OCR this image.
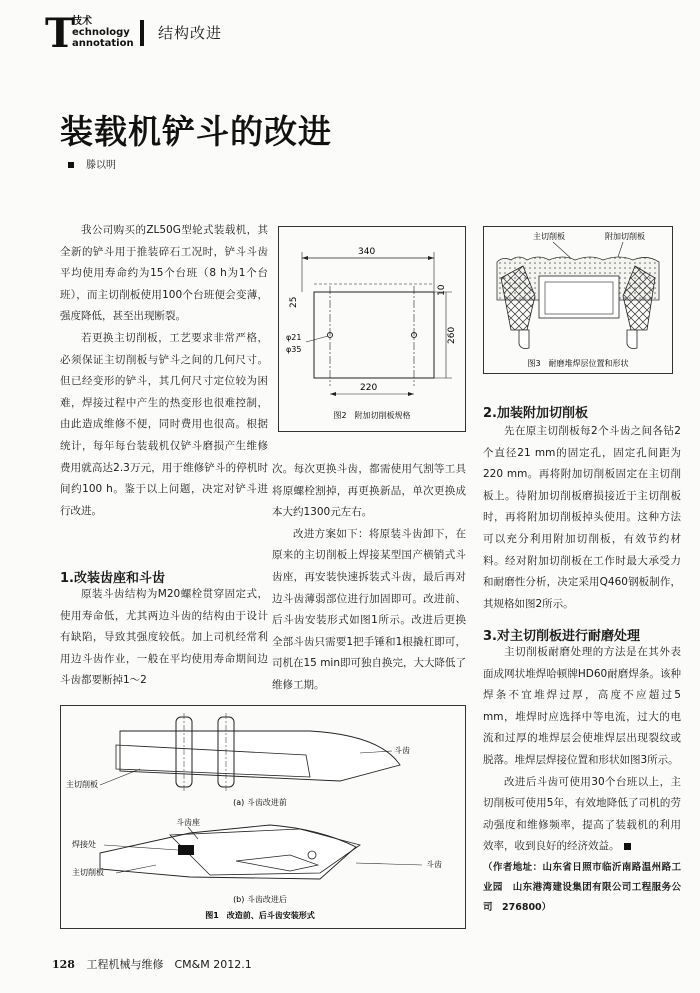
T
技术
echnology
annotation
结构改进
装载机铲斗的改进
滕以明

我公司购买的ZL50G型轮式装载机，其全新的铲斗用于推装碎石工况时，铲斗斗齿平均使用寿命约为15个台班（8 h为1个台班），而主切削板使用100个台班便会变薄，强度降低，甚至出现断裂。

若更换主切削板，工艺要求非常严格，必须保证主切削板与铲斗之间的几何尺寸。但已经变形的铲斗，其几何尺寸定位较为困难，焊接过程中产生的热变形也很难控制，由此造成维修不便，同时费用也很高。根据统计，每年每台装载机仅铲斗磨损产生维修费用就高达2.3万元，用于维修铲斗的停机时间约100 h。鉴于以上问题，决定对铲斗进行改进。

1.改装齿座和斗齿

原装斗齿结构为M20螺栓贯穿固定式，使用寿命低，尤其两边斗齿的结构由于设计有缺陷，导致其强度较低。加上司机经常利用边斗齿作业，一般在平均使用寿命期间边斗齿都要断掉1～2

次。每次更换斗齿，都需使用气割等工具将原螺栓割掉，再更换新品，单次更换成本大约1300元左右。

改进方案如下：将原装斗齿卸下，在原来的主切削板上焊接某型国产横销式斗齿座，再安装快速拆装式斗齿，最后再对边斗齿薄弱部位进行加固即可。改进前、后斗齿安装形式如图1所示。改进后更换全部斗齿只需要1把手锤和1根撬杠即可，司机在15 min即可独自换完，大大降低了维修工期。

340
25
10
260
φ21
φ35
220
图2　附加切削板规格
主切削板	附加切削板
图3　耐磨堆焊层位置和形状
2.加装附加切削板

先在原主切削板每2个斗齿之间各钻2个直径21 mm的固定孔，固定孔间距为220 mm。再将附加切削板固定在主切削板上。待附加切削板磨损接近于主切削板时，再将附加切削板掉头使用。这种方法可以充分利用附加切削板，有效节约材料。经对附加切削板在工作时最大承受力和耐磨性分析，决定采用Q460钢板制作，其规格如图2所示。

3.对主切削板进行耐磨处理

主切削板耐磨处理的方法是在其外表面成网状堆焊哈顿牌HD60耐磨焊条。该种焊条不宜堆焊过厚，高度不应超过5 mm，堆焊时应选择中等电流，过大的电流和过厚的堆焊层会使堆焊层出现裂纹或脱落。堆焊层焊接位置和形状如图3所示。

改进后斗齿可使用30个台班以上，主切削板可使用5年，有效地降低了司机的劳动强度和维修频率，提高了装载机的利用效率，收到良好的经济效益。

（作者地址：山东省日照市临沂南路温州路工业园　山东港湾建设集团有限公司工程服务公司　276800）

斗齿
主切削板
(a) 斗齿改进前
斗齿座
焊接处
主切削板
斗齿
(b) 斗齿改进后
图1　改造前、后斗齿安装形式
128 工程机械与维修　CM&M 2012.1
